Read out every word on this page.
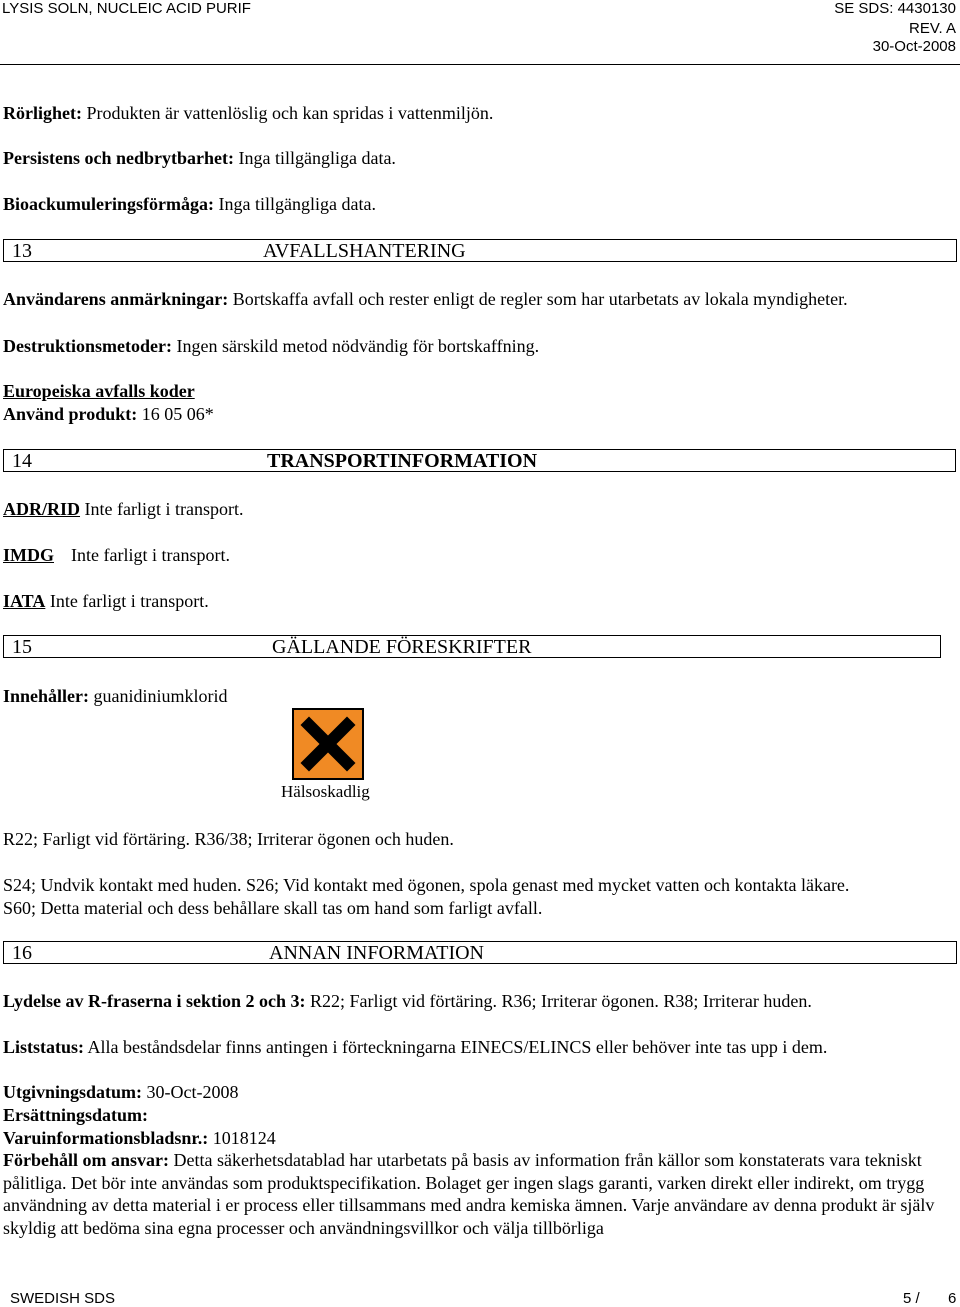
LYSIS SOLN, NUCLEIC ACID PURIF	SE SDS: 4430130
REV. A
30-Oct-2008
Rörlighet: Produkten är vattenlöslig och kan spridas i vattenmiljön.
Persistens och nedbrytbarhet: Inga tillgängliga data.
Bioackumuleringsförmåga: Inga tillgängliga data.
13	AVFALLSHANTERING
Användarens anmärkningar: Bortskaffa avfall och rester enligt de regler som har utarbetats av lokala myndigheter.
Destruktionsmetoder: Ingen särskild metod nödvändig för bortskaffning.
Europeiska avfalls koder
Använd produkt: 16 05 06*
14	TRANSPORTINFORMATION
ADR/RID Inte farligt i transport.
IMDG Inte farligt i transport.
IATA Inte farligt i transport.
15	GÄLLANDE FÖRESKRIFTER
Innehåller: guanidiniumklorid
Hälsoskadlig
R22; Farligt vid förtäring. R36/38; Irriterar ögonen och huden.
S24; Undvik kontakt med huden. S26; Vid kontakt med ögonen, spola genast med mycket vatten och kontakta läkare.
S60; Detta material och dess behållare skall tas om hand som farligt avfall.
16	ANNAN INFORMATION
Lydelse av R-fraserna i sektion 2 och 3: R22; Farligt vid förtäring. R36; Irriterar ögonen. R38; Irriterar huden.
Liststatus: Alla beståndsdelar finns antingen i förteckningarna EINECS/ELINCS eller behöver inte tas upp i dem.
Utgivningsdatum: 30-Oct-2008
Ersättningsdatum:
Varuinformationsbladsnr.: 1018124
Förbehåll om ansvar: Detta säkerhetsdatablad har utarbetats på basis av information från källor som konstaterats vara tekniskt pålitliga. Det bör inte användas som produktspecifikation. Bolaget ger ingen slags garanti, varken direkt eller indirekt, om trygg användning av detta material i er process eller tillsammans med andra kemiska ämnen. Varje användare av denna produkt är själv skyldig att bedöma sina egna processer och användningsvillkor och välja tillbörliga
SWEDISH SDS	5 / 6
